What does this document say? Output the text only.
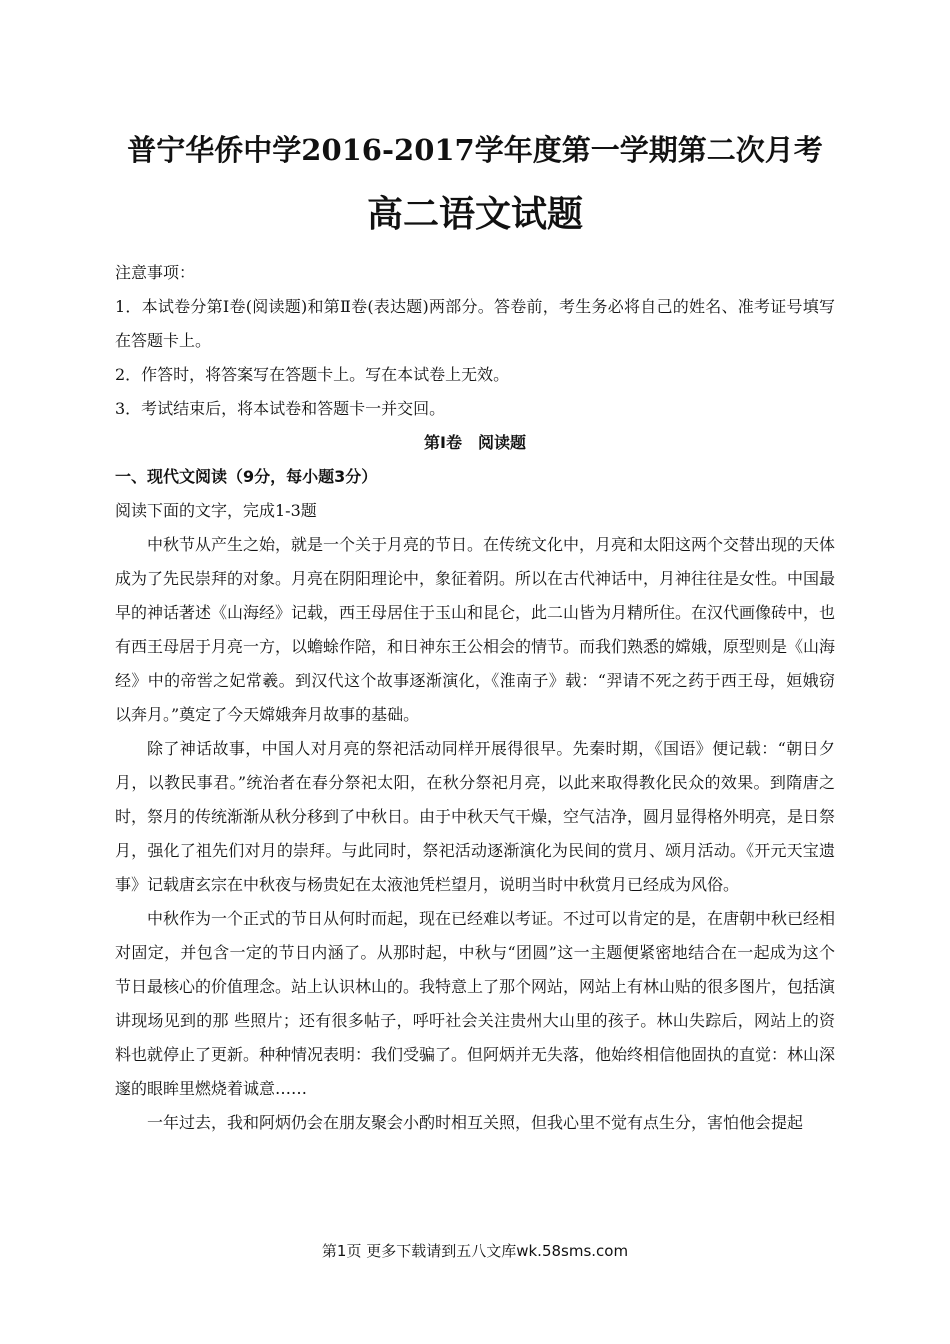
普宁华侨中学2016-2017学年度第一学期第二次月考
高二语文试题

注意事项：

1．本试卷分第Ⅰ卷(阅读题)和第Ⅱ卷(表达题)两部分。答卷前，考生务必将自己的姓名、准考证号填写在答题卡上。

2．作答时，将答案写在答题卡上。写在本试卷上无效。

3．考试结束后，将本试卷和答题卡一并交回。

第Ⅰ卷　阅读题

一、现代文阅读（9分，每小题3分）

阅读下面的文字，完成1-3题

中秋节从产生之始，就是一个关于月亮的节日。在传统文化中，月亮和太阳这两个交替出现的天体成为了先民崇拜的对象。月亮在阴阳理论中，象征着阴。所以在古代神话中，月神往往是女性。中国最早的神话著述《山海经》记载，西王母居住于玉山和昆仑，此二山皆为月精所住。在汉代画像砖中，也有西王母居于月亮一方，以蟾蜍作陪，和日神东王公相会的情节。而我们熟悉的嫦娥，原型则是《山海经》中的帝喾之妃常羲。到汉代这个故事逐渐演化，《淮南子》载：“羿请不死之药于西王母，姮娥窃以奔月。”奠定了今天嫦娥奔月故事的基础。

除了神话故事，中国人对月亮的祭祀活动同样开展得很早。先秦时期，《国语》便记载：“朝日夕月，以教民事君。”统治者在春分祭祀太阳，在秋分祭祀月亮，以此来取得教化民众的效果。到隋唐之时，祭月的传统渐渐从秋分移到了中秋日。由于中秋天气干燥，空气洁净，圆月显得格外明亮，是日祭月，强化了祖先们对月的崇拜。与此同时，祭祀活动逐渐演化为民间的赏月、颂月活动。《开元天宝遗事》记载唐玄宗在中秋夜与杨贵妃在太液池凭栏望月，说明当时中秋赏月已经成为风俗。

中秋作为一个正式的节日从何时而起，现在已经难以考证。不过可以肯定的是，在唐朝中秋已经相对固定，并包含一定的节日内涵了。从那时起，中秋与“团圆”这一主题便紧密地结合在一起成为这个节日最核心的价值理念。站上认识林山的。我特意上了那个网站，网站上有林山贴的很多图片，包括演讲现场见到的那 些照片；还有很多帖子，呼吁社会关注贵州大山里的孩子。林山失踪后，网站上的资料也就停止了更新。种种情况表明：我们受骗了。但阿炳并无失落，他始终相信他固执的直觉：林山深邃的眼眸里燃烧着诚意……

一年过去，我和阿炳仍会在朋友聚会小酌时相互关照，但我心里不觉有点生分，害怕他会提起

第1页 更多下载请到五八文库wk.58sms.com
